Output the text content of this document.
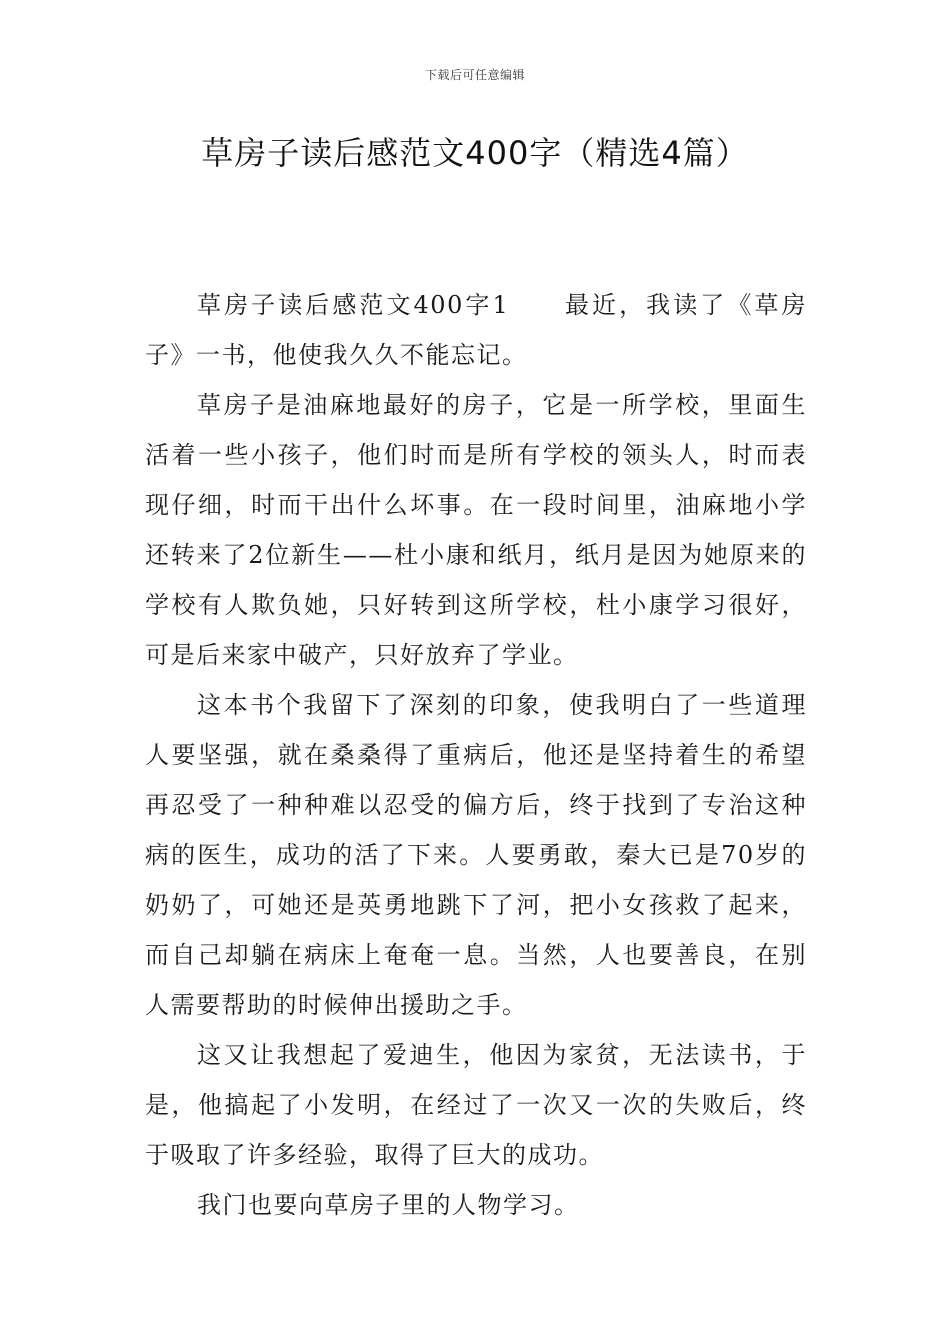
下载后可任意编辑
草房子读后感范文400字（精选4篇）

草房子读后感范文400字1　　最近，我读了《草房子》一书，他使我久久不能忘记。

草房子是油麻地最好的房子，它是一所学校，里面生活着一些小孩子，他们时而是所有学校的领头人，时而表现仔细，时而干出什么坏事。在一段时间里，油麻地小学还转来了2位新生——杜小康和纸月，纸月是因为她原来的学校有人欺负她，只好转到这所学校，杜小康学习很好，可是后来家中破产，只好放弃了学业。

这本书个我留下了深刻的印象，使我明白了一些道理人要坚强，就在桑桑得了重病后，他还是坚持着生的希望再忍受了一种种难以忍受的偏方后，终于找到了专治这种病的医生，成功的活了下来。人要勇敢，秦大已是70岁的奶奶了，可她还是英勇地跳下了河，把小女孩救了起来，而自己却躺在病床上奄奄一息。当然，人也要善良，在别人需要帮助的时候伸出援助之手。

这又让我想起了爱迪生，他因为家贫，无法读书，于是，他搞起了小发明，在经过了一次又一次的失败后，终于吸取了许多经验，取得了巨大的成功。

我门也要向草房子里的人物学习。
